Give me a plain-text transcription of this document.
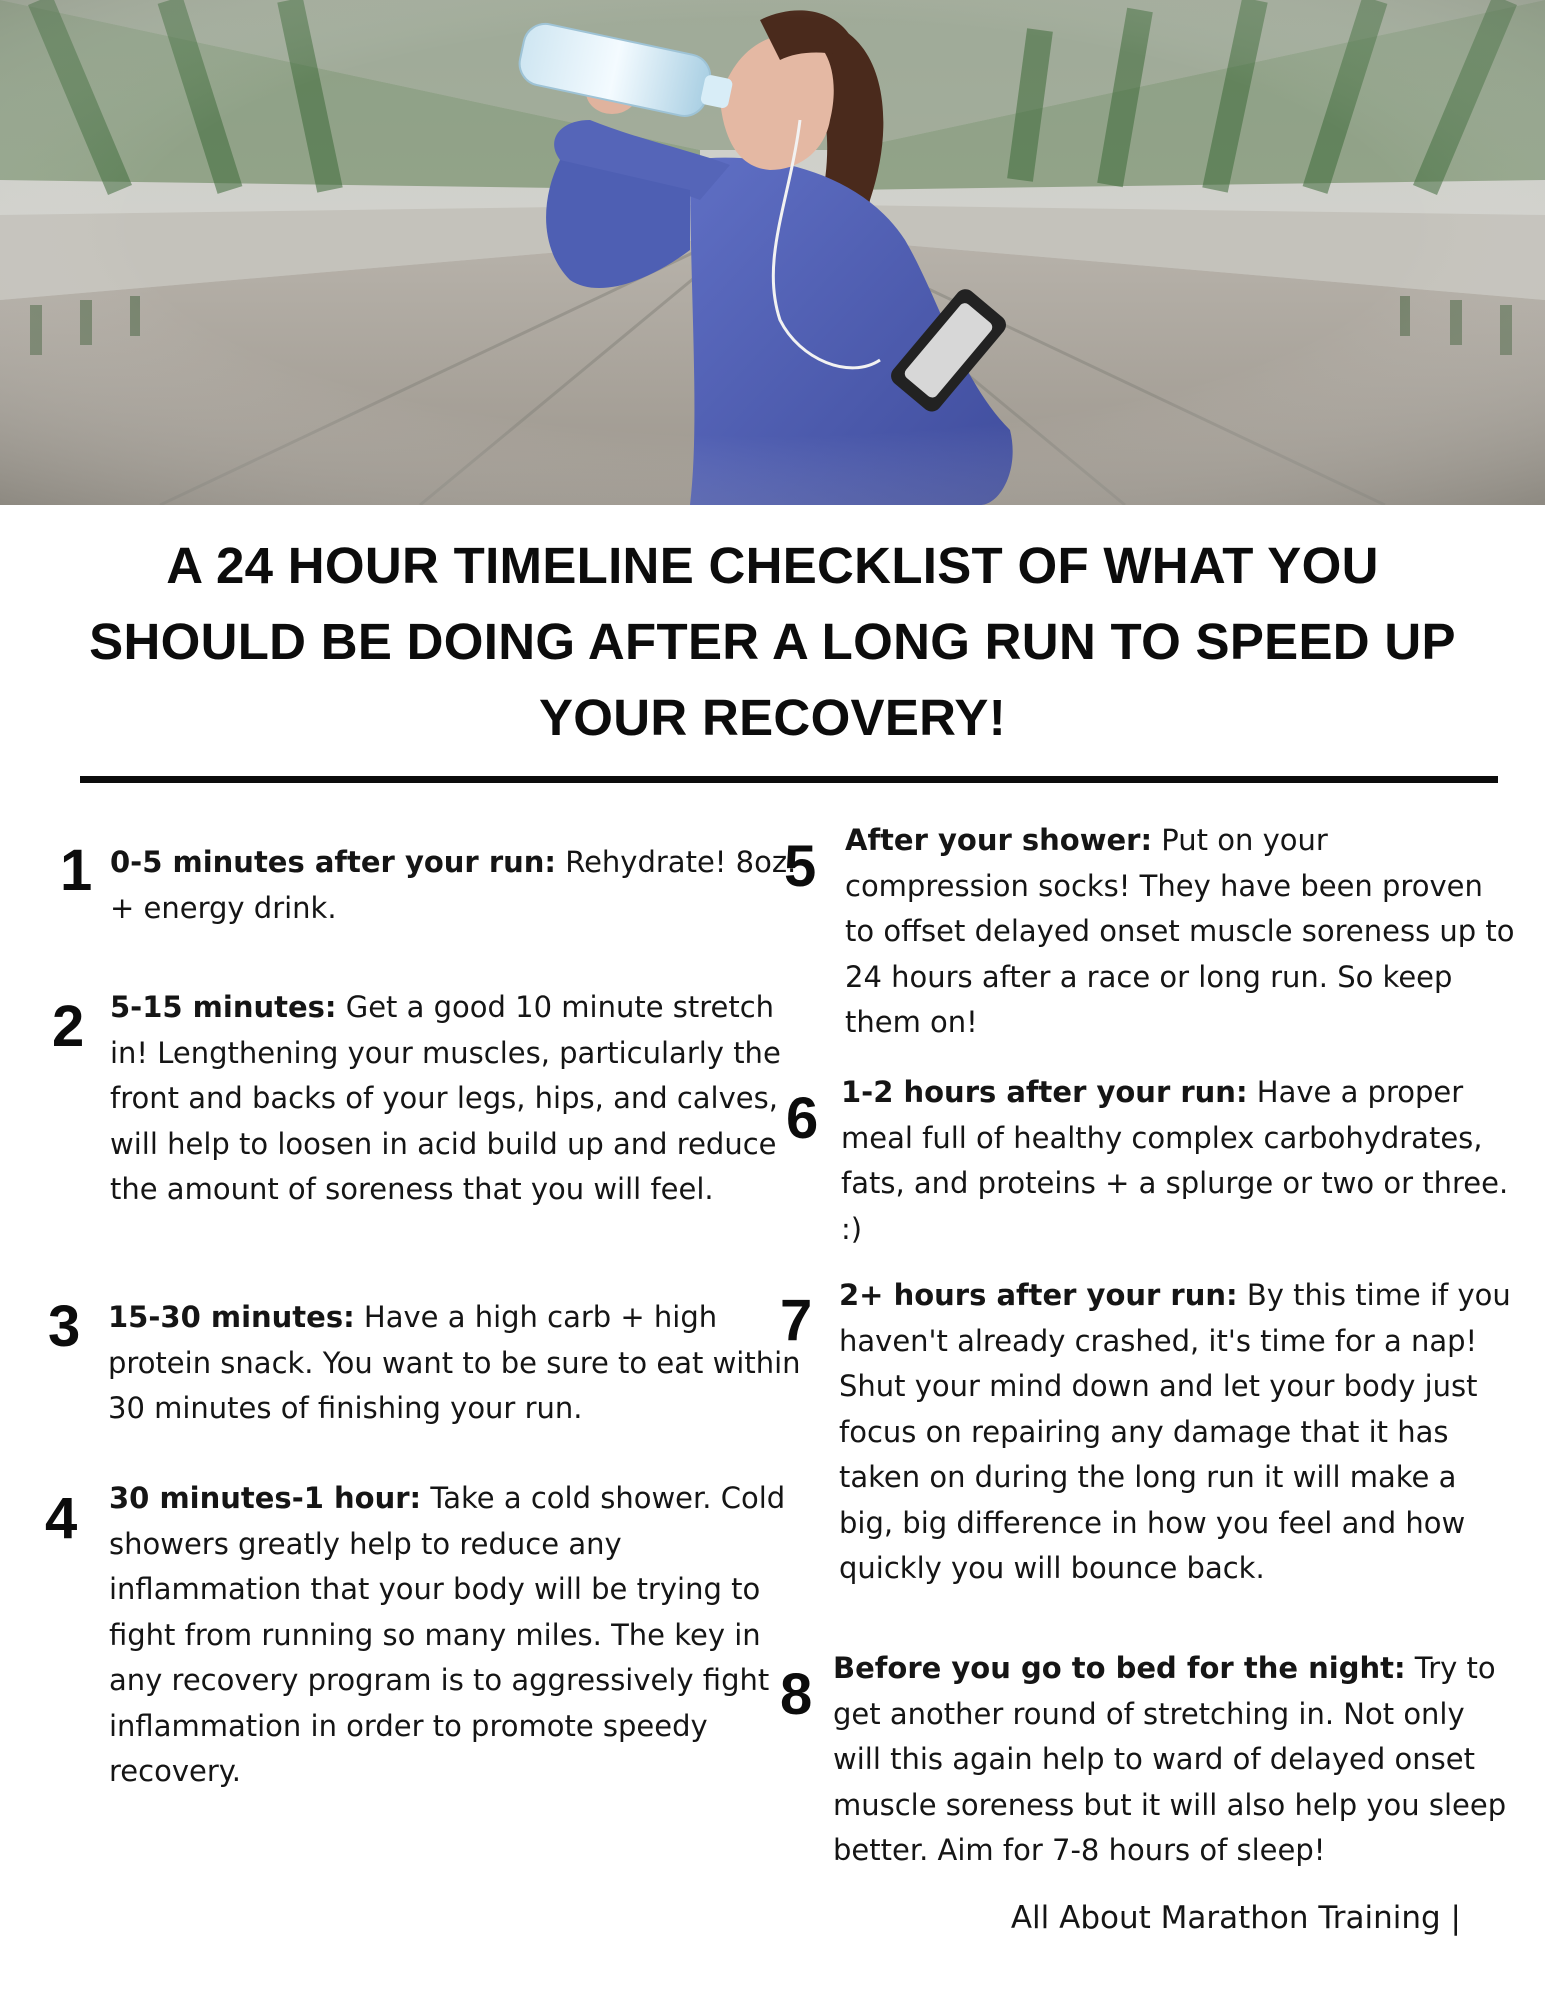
A 24 HOUR TIMELINE CHECKLIST OF WHAT YOU SHOULD BE DOING AFTER A LONG RUN TO SPEED UP YOUR RECOVERY!
1 0-5 minutes after your run: Rehydrate! 8oz. + energy drink.
2 5-15 minutes: Get a good 10 minute stretch in! Lengthening your muscles, particularly the front and backs of your legs, hips, and calves, will help to loosen in acid build up and reduce the amount of soreness that you will feel.
3 15-30 minutes: Have a high carb + high protein snack. You want to be sure to eat within 30 minutes of finishing your run.
4 30 minutes-1 hour: Take a cold shower. Cold showers greatly help to reduce any inflammation that your body will be trying to fight from running so many miles. The key in any recovery program is to aggressively fight inflammation in order to promote speedy recovery.
5 After your shower: Put on your compression socks! They have been proven to offset delayed onset muscle soreness up to 24 hours after a race or long run. So keep them on!
6 1-2 hours after your run: Have a proper meal full of healthy complex carbohydrates, fats, and proteins + a splurge or two or three. :)
7 2+ hours after your run: By this time if you haven't already crashed, it's time for a nap! Shut your mind down and let your body just focus on repairing any damage that it has taken on during the long run it will make a big, big difference in how you feel and how quickly you will bounce back.
8 Before you go to bed for the night: Try to get another round of stretching in. Not only will this again help to ward of delayed onset muscle soreness but it will also help you sleep better. Aim for 7-8 hours of sleep!
All About Marathon Training |
